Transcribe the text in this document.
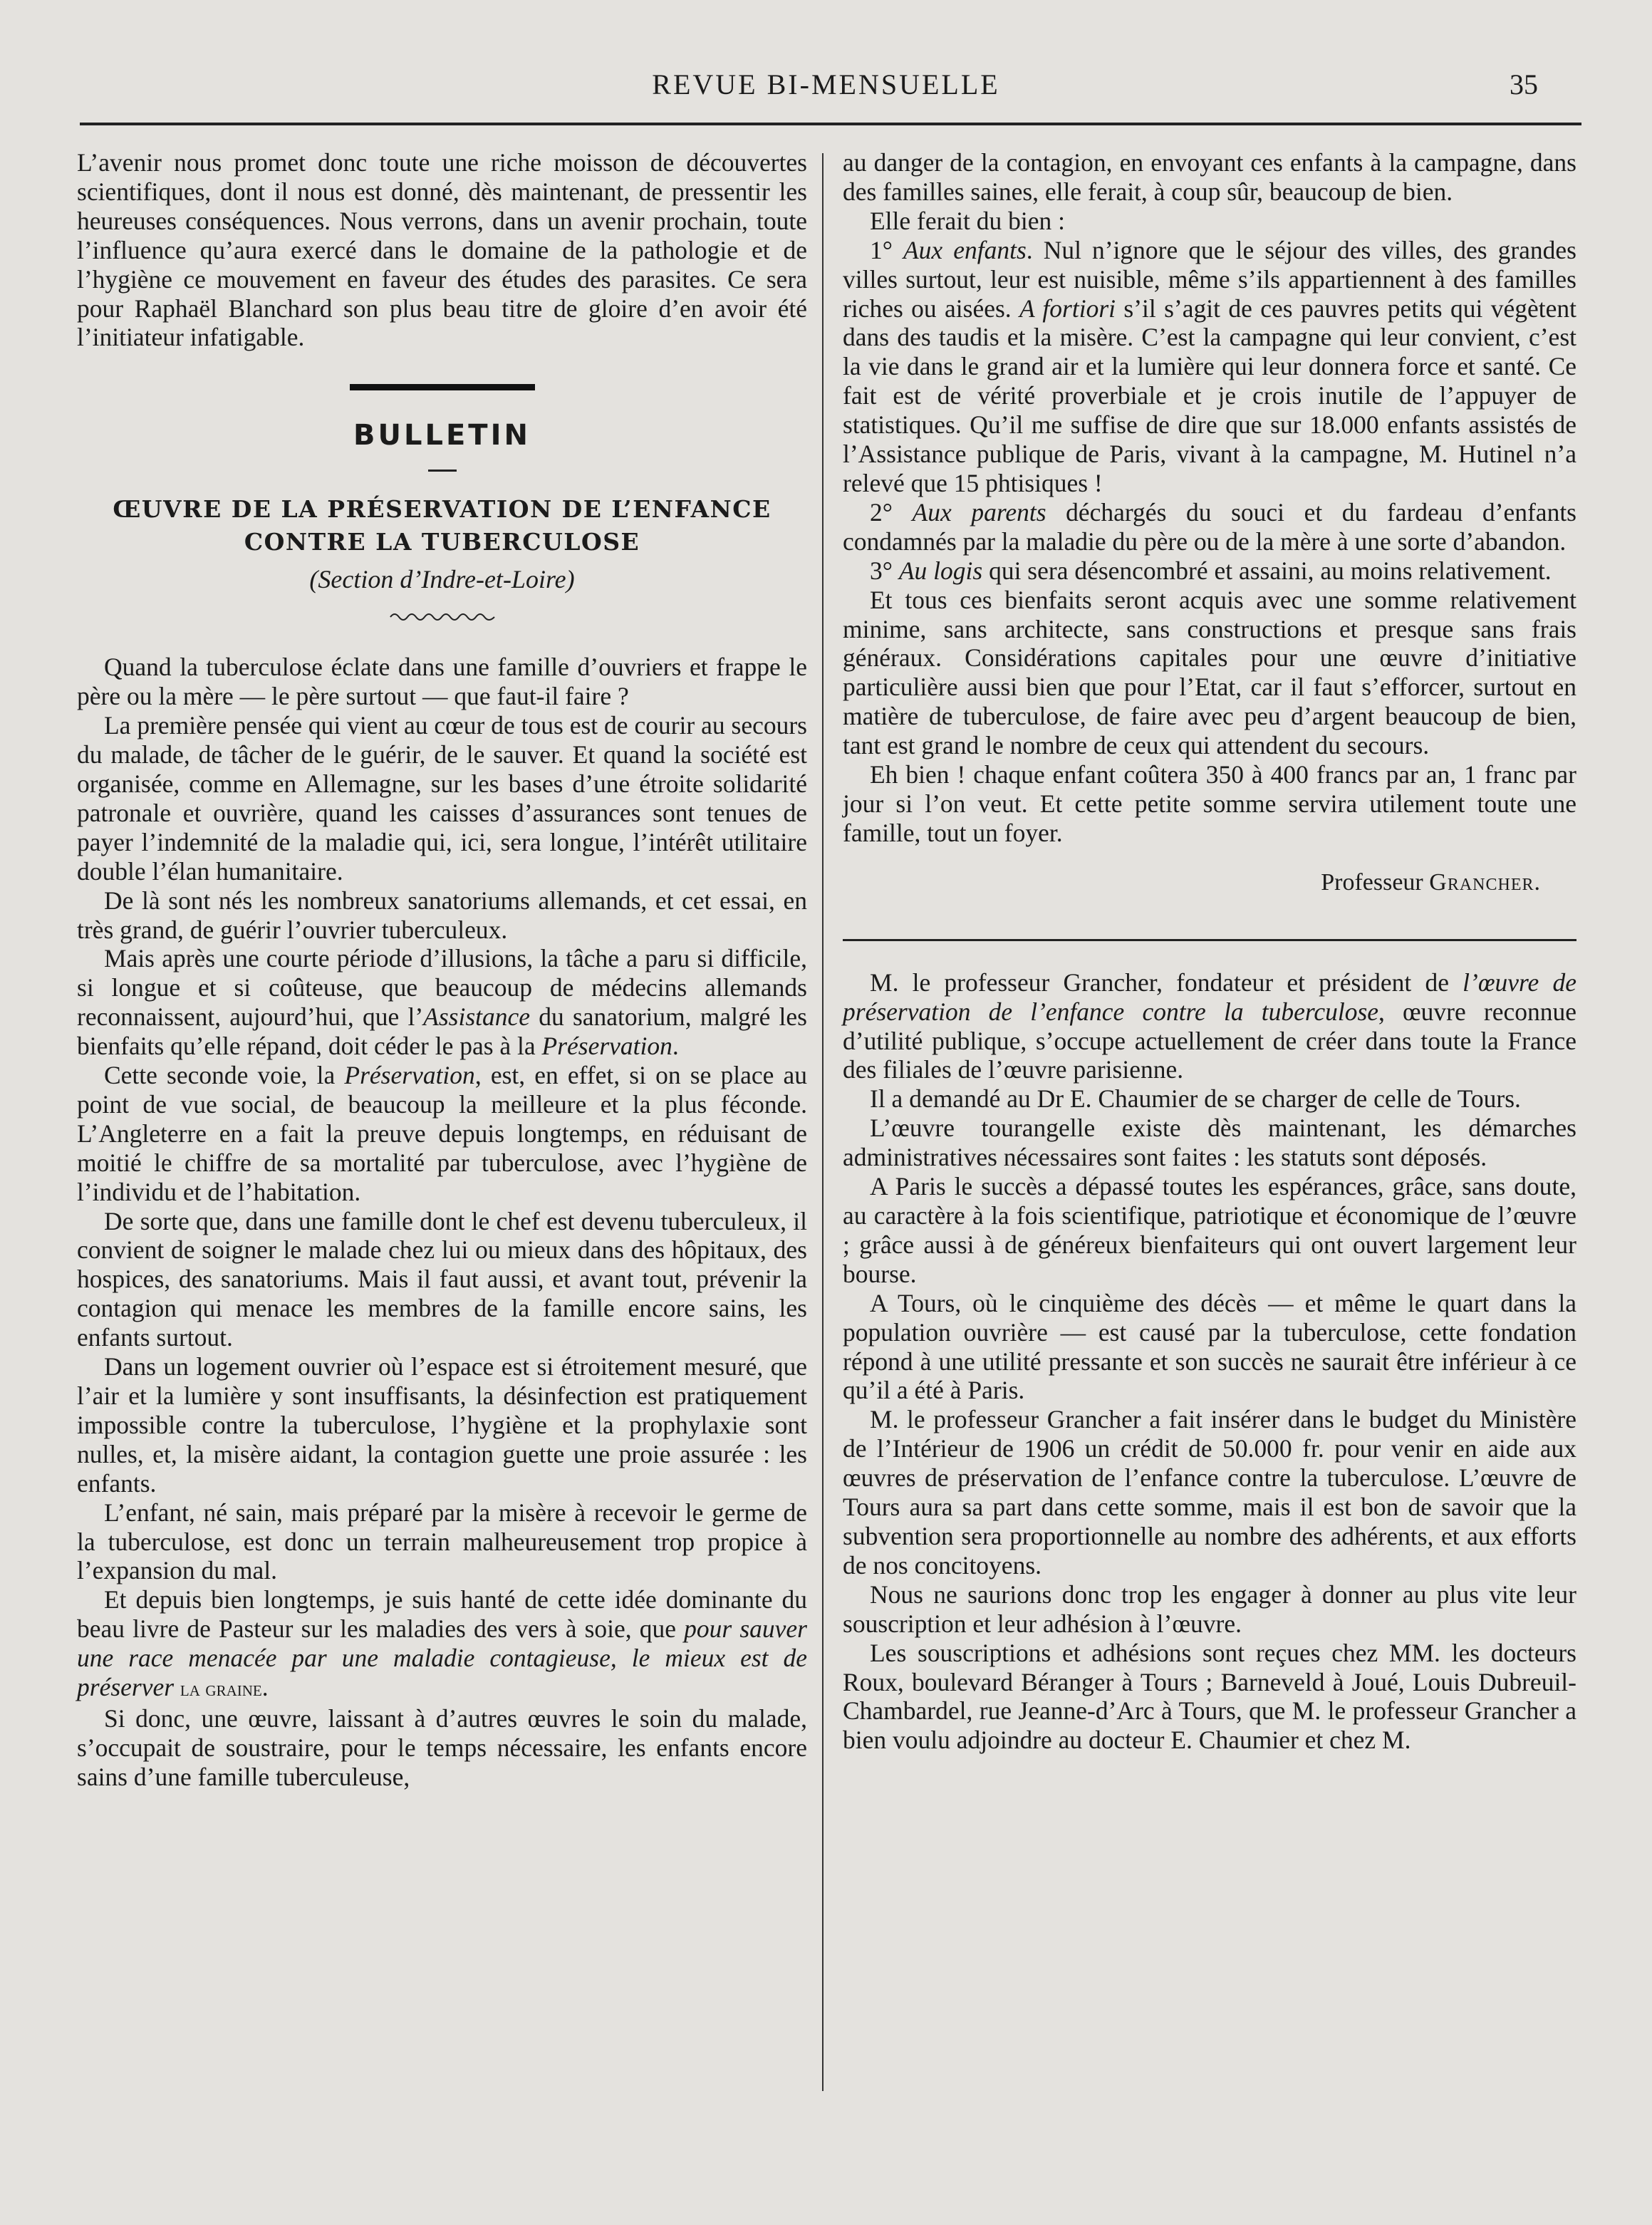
REVUE BI-MENSUELLE	35

L’avenir nous promet donc toute une riche moisson de découvertes scientifiques, dont il nous est donné, dès maintenant, de pressentir les heureuses conséquences. Nous verrons, dans un avenir prochain, toute l’influence qu’aura exercé dans le domaine de la pathologie et de l’hygiène ce mouvement en faveur des études des parasites. Ce sera pour Raphaël Blanchard son plus beau titre de gloire d’en avoir été l’initiateur infatigable.

BULLETIN
ŒUVRE DE LA PRÉSERVATION DE L’ENFANCE
CONTRE LA TUBERCULOSE
(Section d’Indre-et-Loire)

Quand la tuberculose éclate dans une famille d’ouvriers et frappe le père ou la mère — le père surtout — que faut-il faire ?

La première pensée qui vient au cœur de tous est de courir au secours du malade, de tâcher de le guérir, de le sauver. Et quand la société est organisée, comme en Allemagne, sur les bases d’une étroite solidarité patronale et ouvrière, quand les caisses d’assurances sont tenues de payer l’indemnité de la maladie qui, ici, sera longue, l’intérêt utilitaire double l’élan humanitaire.

De là sont nés les nombreux sanatoriums allemands, et cet essai, en très grand, de guérir l’ouvrier tuberculeux.

Mais après une courte période d’illusions, la tâche a paru si difficile, si longue et si coûteuse, que beaucoup de médecins allemands reconnaissent, aujourd’hui, que l’Assistance du sanatorium, malgré les bienfaits qu’elle répand, doit céder le pas à la Préservation.

Cette seconde voie, la Préservation, est, en effet, si on se place au point de vue social, de beaucoup la meilleure et la plus féconde. L’Angleterre en a fait la preuve depuis longtemps, en réduisant de moitié le chiffre de sa mortalité par tuberculose, avec l’hygiène de l’individu et de l’habitation.

De sorte que, dans une famille dont le chef est devenu tuberculeux, il convient de soigner le malade chez lui ou mieux dans des hôpitaux, des hospices, des sanatoriums. Mais il faut aussi, et avant tout, prévenir la contagion qui menace les membres de la famille encore sains, les enfants surtout.

Dans un logement ouvrier où l’espace est si étroitement mesuré, que l’air et la lumière y sont insuffisants, la désinfection est pratiquement impossible contre la tuberculose, l’hygiène et la prophylaxie sont nulles, et, la misère aidant, la contagion guette une proie assurée : les enfants.

L’enfant, né sain, mais préparé par la misère à recevoir le germe de la tuberculose, est donc un terrain malheureusement trop propice à l’expansion du mal.

Et depuis bien longtemps, je suis hanté de cette idée dominante du beau livre de Pasteur sur les maladies des vers à soie, que pour sauver une race menacée par une maladie contagieuse, le mieux est de préserver la graine.

Si donc, une œuvre, laissant à d’autres œuvres le soin du malade, s’occupait de soustraire, pour le temps nécessaire, les enfants encore sains d’une famille tuberculeuse,

au danger de la contagion, en envoyant ces enfants à la campagne, dans des familles saines, elle ferait, à coup sûr, beaucoup de bien.

Elle ferait du bien :

1° Aux enfants. Nul n’ignore que le séjour des villes, des grandes villes surtout, leur est nuisible, même s’ils appartiennent à des familles riches ou aisées. A fortiori s’il s’agit de ces pauvres petits qui végètent dans des taudis et la misère. C’est la campagne qui leur convient, c’est la vie dans le grand air et la lumière qui leur donnera force et santé. Ce fait est de vérité proverbiale et je crois inutile de l’appuyer de statistiques. Qu’il me suffise de dire que sur 18.000 enfants assistés de l’Assistance publique de Paris, vivant à la campagne, M. Hutinel n’a relevé que 15 phtisiques !

2° Aux parents déchargés du souci et du fardeau d’enfants condamnés par la maladie du père ou de la mère à une sorte d’abandon.

3° Au logis qui sera désencombré et assaini, au moins relativement.

Et tous ces bienfaits seront acquis avec une somme relativement minime, sans architecte, sans constructions et presque sans frais généraux. Considérations capitales pour une œuvre d’initiative particulière aussi bien que pour l’Etat, car il faut s’efforcer, surtout en matière de tuberculose, de faire avec peu d’argent beaucoup de bien, tant est grand le nombre de ceux qui attendent du secours.

Eh bien ! chaque enfant coûtera 350 à 400 francs par an, 1 franc par jour si l’on veut. Et cette petite somme servira utilement toute une famille, tout un foyer.

Professeur Grancher.

M. le professeur Grancher, fondateur et président de l’œuvre de préservation de l’enfance contre la tuberculose, œuvre reconnue d’utilité publique, s’occupe actuellement de créer dans toute la France des filiales de l’œuvre parisienne.

Il a demandé au Dr E. Chaumier de se charger de celle de Tours.

L’œuvre tourangelle existe dès maintenant, les démarches administratives nécessaires sont faites : les statuts sont déposés.

A Paris le succès a dépassé toutes les espérances, grâce, sans doute, au caractère à la fois scientifique, patriotique et économique de l’œuvre ; grâce aussi à de généreux bienfaiteurs qui ont ouvert largement leur bourse.

A Tours, où le cinquième des décès — et même le quart dans la population ouvrière — est causé par la tuberculose, cette fondation répond à une utilité pressante et son succès ne saurait être inférieur à ce qu’il a été à Paris.

M. le professeur Grancher a fait insérer dans le budget du Ministère de l’Intérieur de 1906 un crédit de 50.000 fr. pour venir en aide aux œuvres de préservation de l’enfance contre la tuberculose. L’œuvre de Tours aura sa part dans cette somme, mais il est bon de savoir que la subvention sera proportionnelle au nombre des adhérents, et aux efforts de nos concitoyens.

Nous ne saurions donc trop les engager à donner au plus vite leur souscription et leur adhésion à l’œuvre.

Les souscriptions et adhésions sont reçues chez MM. les docteurs Roux, boulevard Béranger à Tours ; Barneveld à Joué, Louis Dubreuil-Chambardel, rue Jeanne-d’Arc à Tours, que M. le professeur Grancher a bien voulu adjoindre au docteur E. Chaumier et chez M.
